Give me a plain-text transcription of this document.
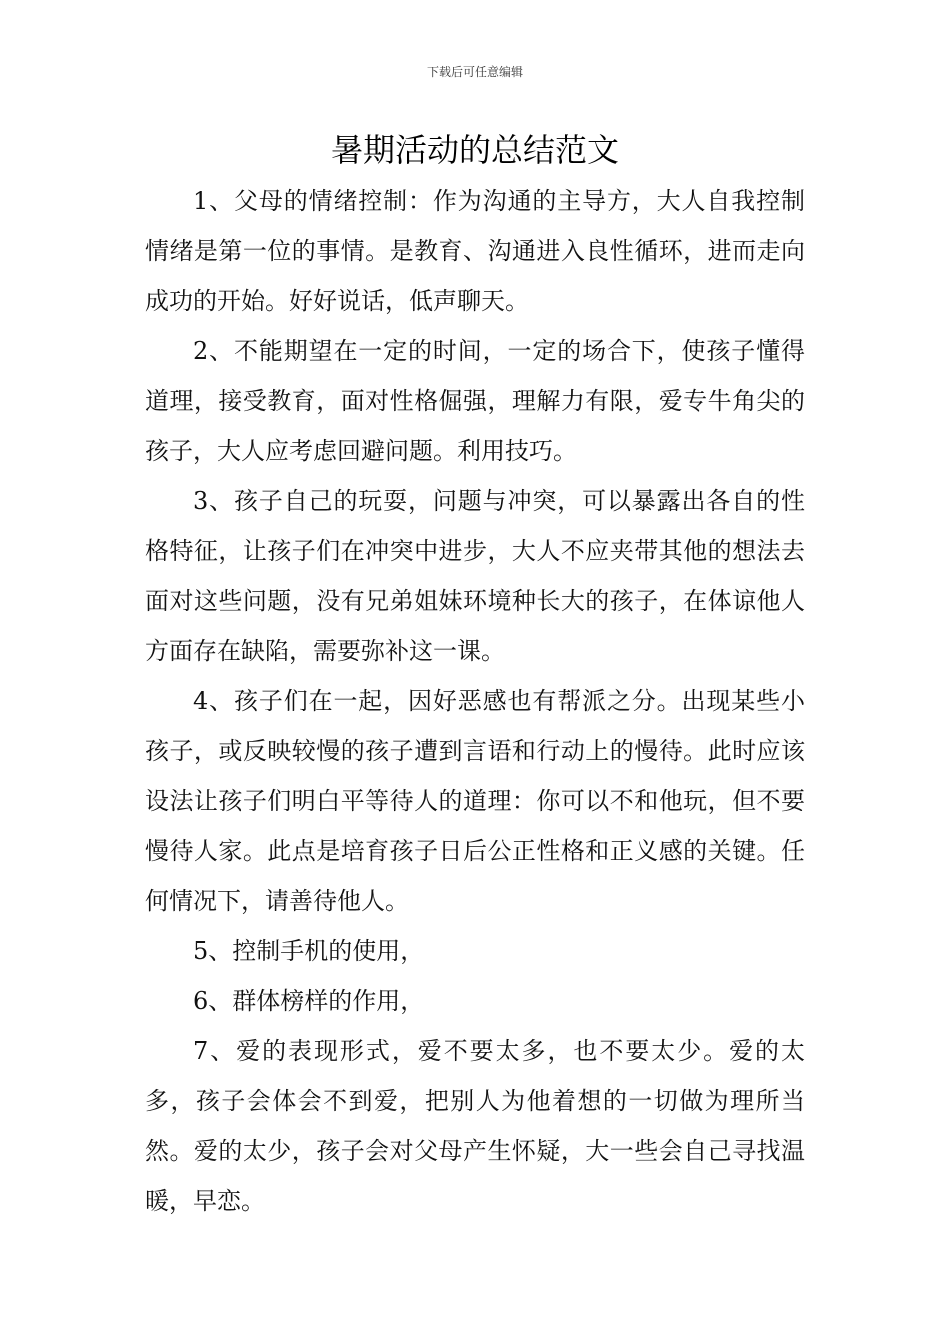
下载后可任意编辑
暑期活动的总结范文

1、父母的情绪控制：作为沟通的主导方，大人自我控制情绪是第一位的事情。是教育、沟通进入良性循环，进而走向成功的开始。好好说话，低声聊天。

2、不能期望在一定的时间，一定的场合下，使孩子懂得道理，接受教育，面对性格倔强，理解力有限，爱专牛角尖的孩子，大人应考虑回避问题。利用技巧。

3、孩子自己的玩耍，问题与冲突，可以暴露出各自的性格特征，让孩子们在冲突中进步，大人不应夹带其他的想法去面对这些问题，没有兄弟姐妹环境种长大的孩子，在体谅他人方面存在缺陷，需要弥补这一课。

4、孩子们在一起，因好恶感也有帮派之分。出现某些小孩子，或反映较慢的孩子遭到言语和行动上的慢待。此时应该设法让孩子们明白平等待人的道理：你可以不和他玩，但不要慢待人家。此点是培育孩子日后公正性格和正义感的关键。任何情况下，请善待他人。

5、控制手机的使用，

6、群体榜样的作用，

7、爱的表现形式，爱不要太多，也不要太少。爱的太多，孩子会体会不到爱，把别人为他着想的一切做为理所当然。爱的太少，孩子会对父母产生怀疑，大一些会自己寻找温暖，早恋。
